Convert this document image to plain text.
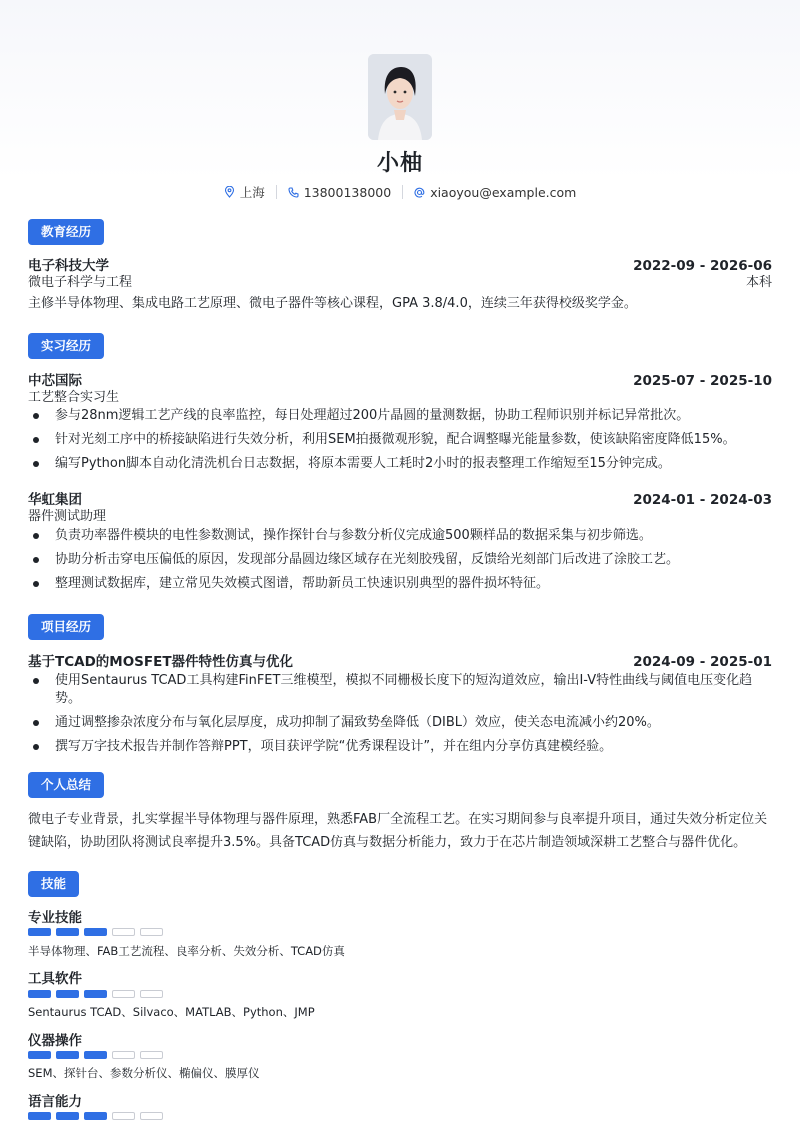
小柚
上海	13800138000	xiaoyou@example.com
教育经历
电子科技大学	2022-09 - 2026-06
微电子科学与工程	本科
主修半导体物理、集成电路工艺原理、微电子器件等核心课程，GPA 3.8/4.0，连续三年获得校级奖学金。
实习经历
中芯国际	2025-07 - 2025-10
工艺整合实习生
参与28nm逻辑工艺产线的良率监控，每日处理超过200片晶圆的量测数据，协助工程师识别并标记异常批次。
针对光刻工序中的桥接缺陷进行失效分析，利用SEM拍摄微观形貌，配合调整曝光能量参数，使该缺陷密度降低15%。
编写Python脚本自动化清洗机台日志数据，将原本需要人工耗时2小时的报表整理工作缩短至15分钟完成。
华虹集团	2024-01 - 2024-03
器件测试助理
负责功率器件模块的电性参数测试，操作探针台与参数分析仪完成逾500颗样品的数据采集与初步筛选。
协助分析击穿电压偏低的原因，发现部分晶圆边缘区域存在光刻胶残留，反馈给光刻部门后改进了涂胶工艺。
整理测试数据库，建立常见失效模式图谱，帮助新员工快速识别典型的器件损坏特征。
项目经历
基于TCAD的MOSFET器件特性仿真与优化	2024-09 - 2025-01
使用Sentaurus TCAD工具构建FinFET三维模型，模拟不同栅极长度下的短沟道效应，输出I-V特性曲线与阈值电压变化趋势。
通过调整掺杂浓度分布与氧化层厚度，成功抑制了漏致势垒降低（DIBL）效应，使关态电流减小约20%。
撰写万字技术报告并制作答辩PPT，项目获评学院“优秀课程设计”，并在组内分享仿真建模经验。
个人总结
微电子专业背景，扎实掌握半导体物理与器件原理，熟悉FAB厂全流程工艺。在实习期间参与良率提升项目，通过失效分析定位关键缺陷，协助团队将测试良率提升3.5%。具备TCAD仿真与数据分析能力，致力于在芯片制造领域深耕工艺整合与器件优化。
技能
专业技能
半导体物理、FAB工艺流程、良率分析、失效分析、TCAD仿真
工具软件
Sentaurus TCAD、Silvaco、MATLAB、Python、JMP
仪器操作
SEM、探针台、参数分析仪、椭偏仪、膜厚仪
语言能力
